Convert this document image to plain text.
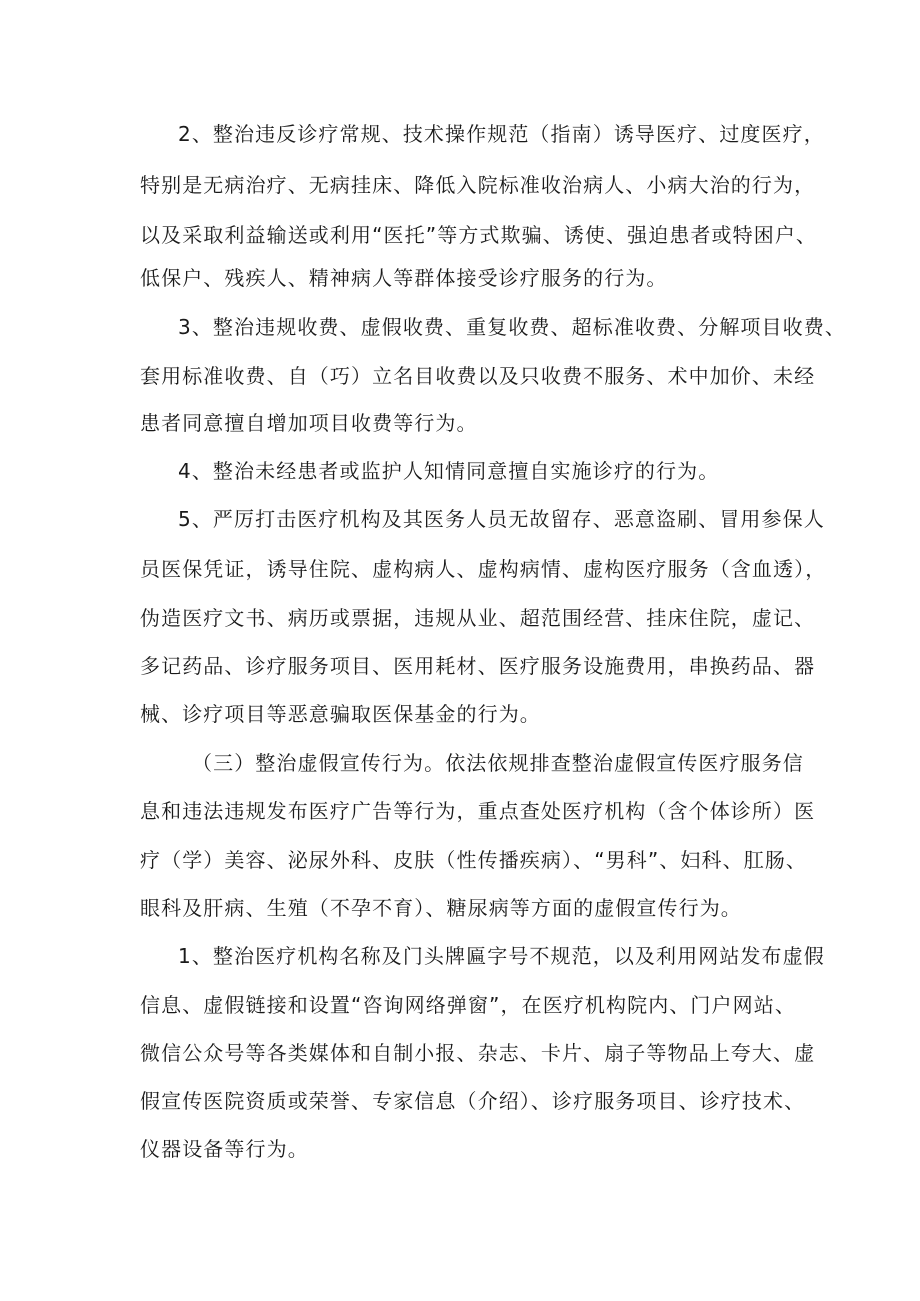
2、整治违反诊疗常规、技术操作规范（指南）诱导医疗、过度医疗，
特别是无病治疗、无病挂床、降低入院标准收治病人、小病大治的行为，
以及采取利益输送或利用“医托”等方式欺骗、诱使、强迫患者或特困户、
低保户、残疾人、精神病人等群体接受诊疗服务的行为。
3、整治违规收费、虚假收费、重复收费、超标准收费、分解项目收费、
套用标准收费、自（巧）立名目收费以及只收费不服务、术中加价、未经
患者同意擅自增加项目收费等行为。
4、整治未经患者或监护人知情同意擅自实施诊疗的行为。
5、严厉打击医疗机构及其医务人员无故留存、恶意盗刷、冒用参保人
员医保凭证，诱导住院、虚构病人、虚构病情、虚构医疗服务（含血透），
伪造医疗文书、病历或票据，违规从业、超范围经营、挂床住院，虚记、
多记药品、诊疗服务项目、医用耗材、医疗服务设施费用，串换药品、器
械、诊疗项目等恶意骗取医保基金的行为。
（三）整治虚假宣传行为。依法依规排查整治虚假宣传医疗服务信
息和违法违规发布医疗广告等行为，重点查处医疗机构（含个体诊所）医
疗（学）美容、泌尿外科、皮肤（性传播疾病）、“男科”、妇科、肛肠、
眼科及肝病、生殖（不孕不育）、糖尿病等方面的虚假宣传行为。
1、整治医疗机构名称及门头牌匾字号不规范，以及利用网站发布虚假
信息、虚假链接和设置“咨询网络弹窗”，在医疗机构院内、门户网站、
微信公众号等各类媒体和自制小报、杂志、卡片、扇子等物品上夸大、虚
假宣传医院资质或荣誉、专家信息（介绍）、诊疗服务项目、诊疗技术、
仪器设备等行为。
